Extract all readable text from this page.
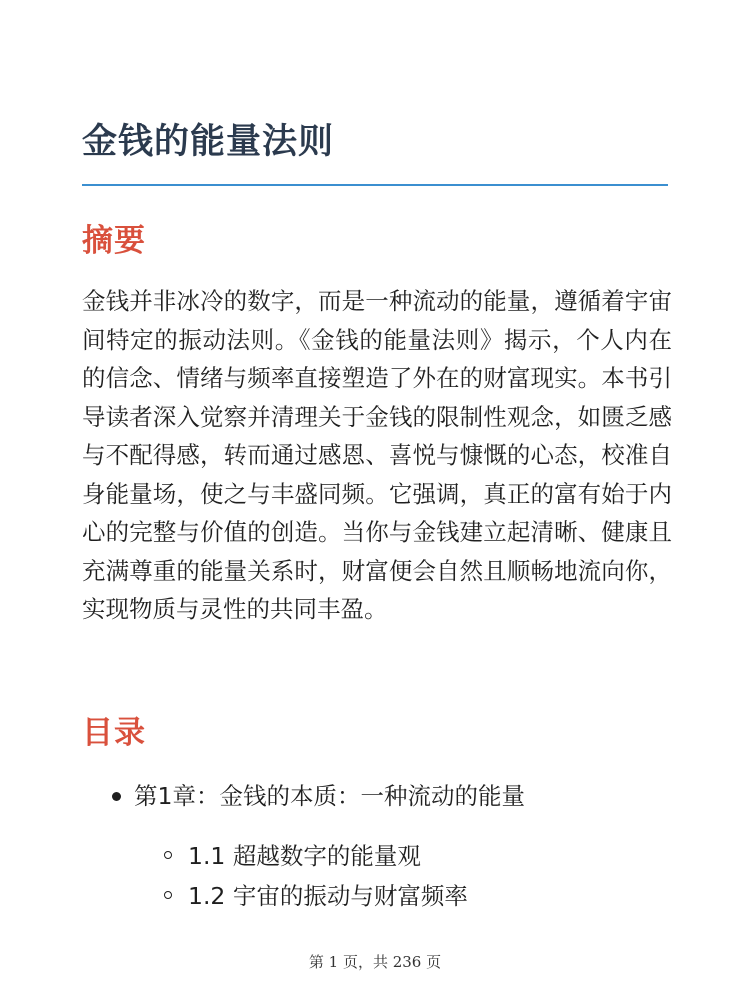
金钱的能量法则
摘要

金钱并非冰冷的数字，而是一种流动的能量，遵循着宇宙间特定的振动法则。《金钱的能量法则》揭示，个人内在的信念、情绪与频率直接塑造了外在的财富现实。本书引导读者深入觉察并清理关于金钱的限制性观念，如匮乏感与不配得感，转而通过感恩、喜悦与慷慨的心态，校准自身能量场，使之与丰盛同频。它强调，真正的富有始于内心的完整与价值的创造。当你与金钱建立起清晰、健康且充满尊重的能量关系时，财富便会自然且顺畅地流向你，实现物质与灵性的共同丰盈。

目录
第1章：金钱的本质：一种流动的能量
1.1 超越数字的能量观
1.2 宇宙的振动与财富频率
第 1 页，共 236 页
